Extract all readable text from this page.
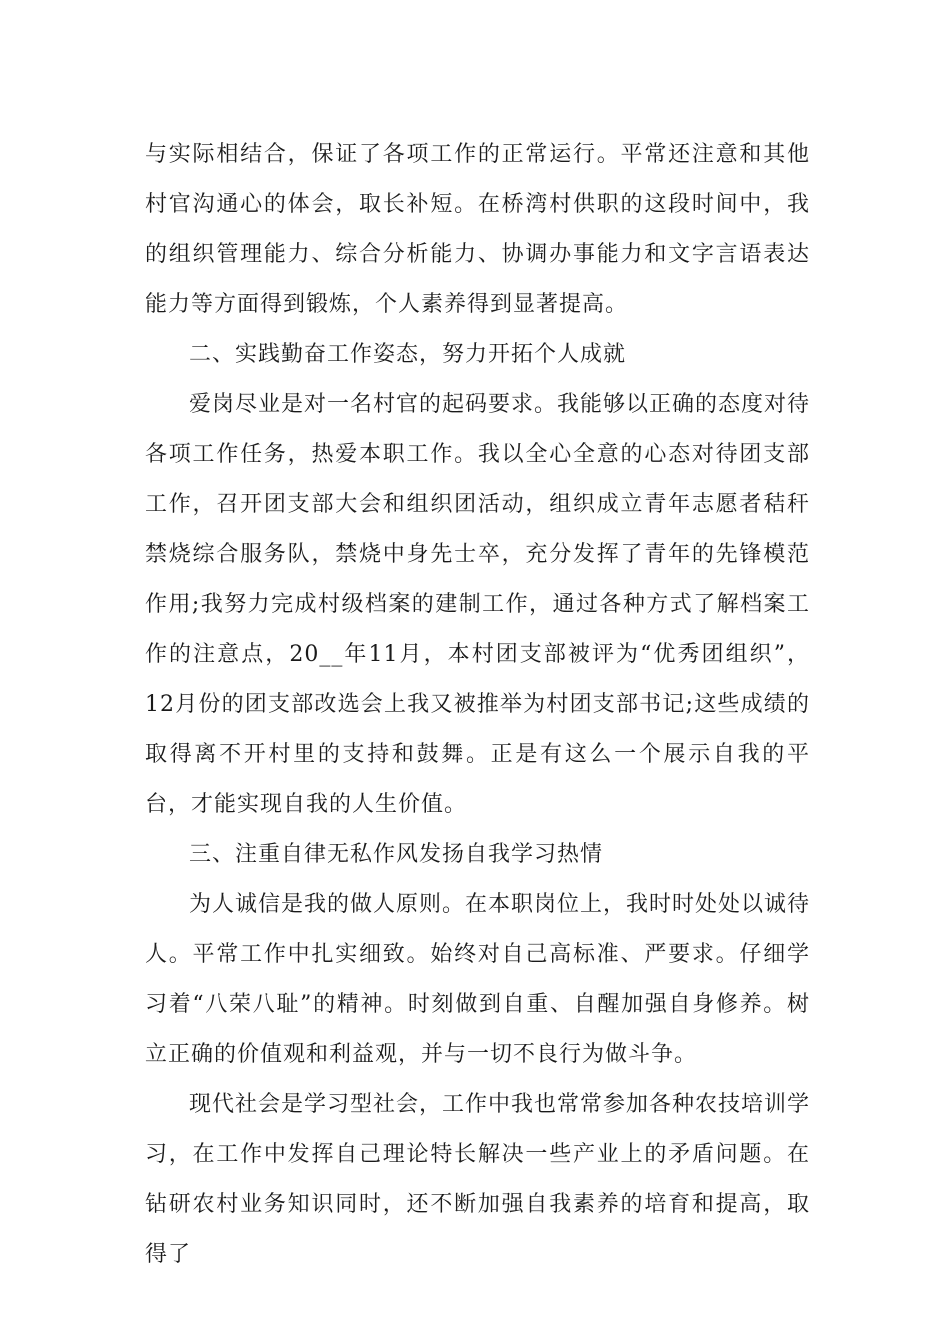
与实际相结合，保证了各项工作的正常运行。平常还注意和其他村官沟通心的体会，取长补短。在桥湾村供职的这段时间中，我的组织管理能力、综合分析能力、协调办事能力和文字言语表达能力等方面得到锻炼，个人素养得到显著提高。

二、实践勤奋工作姿态，努力开拓个人成就

爱岗尽业是对一名村官的起码要求。我能够以正确的态度对待各项工作任务，热爱本职工作。我以全心全意的心态对待团支部工作，召开团支部大会和组织团活动，组织成立青年志愿者秸秆禁烧综合服务队，禁烧中身先士卒，充分发挥了青年的先锋模范作用;我努力完成村级档案的建制工作，通过各种方式了解档案工作的注意点，20__年11月，本村团支部被评为“优秀团组织”，12月份的团支部改选会上我又被推举为村团支部书记;这些成绩的取得离不开村里的支持和鼓舞。正是有这么一个展示自我的平台，才能实现自我的人生价值。

三、注重自律无私作风发扬自我学习热情

为人诚信是我的做人原则。在本职岗位上，我时时处处以诚待人。平常工作中扎实细致。始终对自己高标准、严要求。仔细学习着“八荣八耻”的精神。时刻做到自重、自醒加强自身修养。树立正确的价值观和利益观，并与一切不良行为做斗争。

现代社会是学习型社会，工作中我也常常参加各种农技培训学习，在工作中发挥自己理论特长解决一些产业上的矛盾问题。在钻研农村业务知识同时，还不断加强自我素养的培育和提高，取得了
